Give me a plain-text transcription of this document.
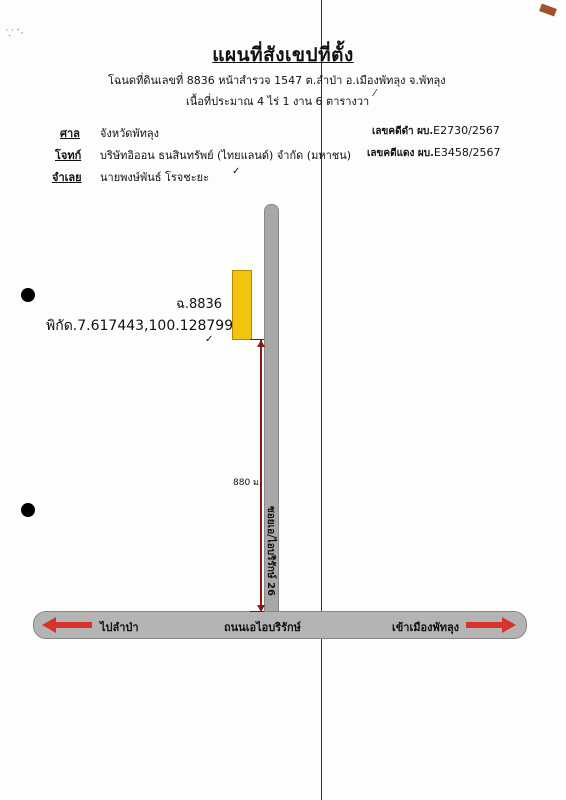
แผนที่สังเขปที่ตั้ง
โฉนดที่ดินเลขที่ 8836 หน้าสำรวจ 1547 ต.ลำป่า อ.เมืองพัทลุง จ.พัทลุง
เนื้อที่ประมาณ 4 ไร่ 1 งาน 6 ตารางวา
ศาล จังหวัดพัทลุง
โจทก์ บริษัทอิออน ธนสินทรัพย์ (ไทยแลนด์) จำกัด (มหาชน)
จำเลย นายพงษ์พันธ์ โรจชะยะ
เลขคดีดำ ผบ.E2730/2567
เลขคดีแดง ผบ.E3458/2567
ฉ.8836
พิกัด.7.617443,100.128799
880 ม.
ซอยเอ/ไอบริรักษ์ 26
ไปลำป่า	ถนนเอไอบริรักษ์	เข้าเมืองพัทลุง
⁄
✓
✓
⸪ ˋ·
